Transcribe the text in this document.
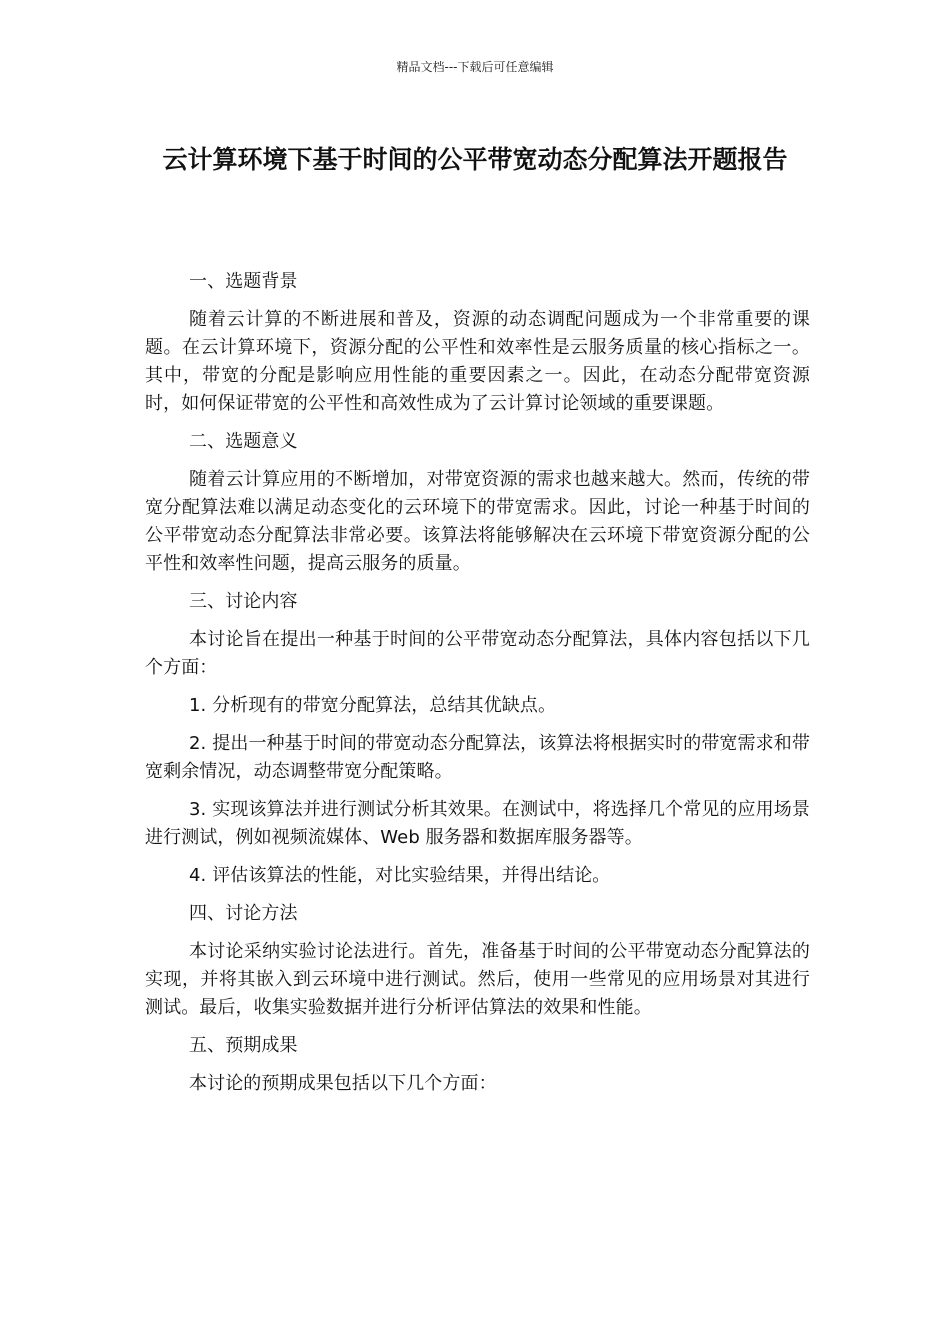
精品文档---下载后可任意编辑
云计算环境下基于时间的公平带宽动态分配算法开题报告

一、选题背景

随着云计算的不断进展和普及，资源的动态调配问题成为一个非常重要的课题。在云计算环境下，资源分配的公平性和效率性是云服务质量的核心指标之一。其中，带宽的分配是影响应用性能的重要因素之一。因此，在动态分配带宽资源时，如何保证带宽的公平性和高效性成为了云计算讨论领域的重要课题。

二、选题意义

随着云计算应用的不断增加，对带宽资源的需求也越来越大。然而，传统的带宽分配算法难以满足动态变化的云环境下的带宽需求。因此，讨论一种基于时间的公平带宽动态分配算法非常必要。该算法将能够解决在云环境下带宽资源分配的公平性和效率性问题，提高云服务的质量。

三、讨论内容

本讨论旨在提出一种基于时间的公平带宽动态分配算法，具体内容包括以下几个方面：

1. 分析现有的带宽分配算法，总结其优缺点。

2. 提出一种基于时间的带宽动态分配算法，该算法将根据实时的带宽需求和带宽剩余情况，动态调整带宽分配策略。

3. 实现该算法并进行测试分析其效果。在测试中，将选择几个常见的应用场景进行测试，例如视频流媒体、Web 服务器和数据库服务器等。

4. 评估该算法的性能，对比实验结果，并得出结论。

四、讨论方法

本讨论采纳实验讨论法进行。首先，准备基于时间的公平带宽动态分配算法的实现，并将其嵌入到云环境中进行测试。然后，使用一些常见的应用场景对其进行测试。最后，收集实验数据并进行分析评估算法的效果和性能。

五、预期成果

本讨论的预期成果包括以下几个方面：
